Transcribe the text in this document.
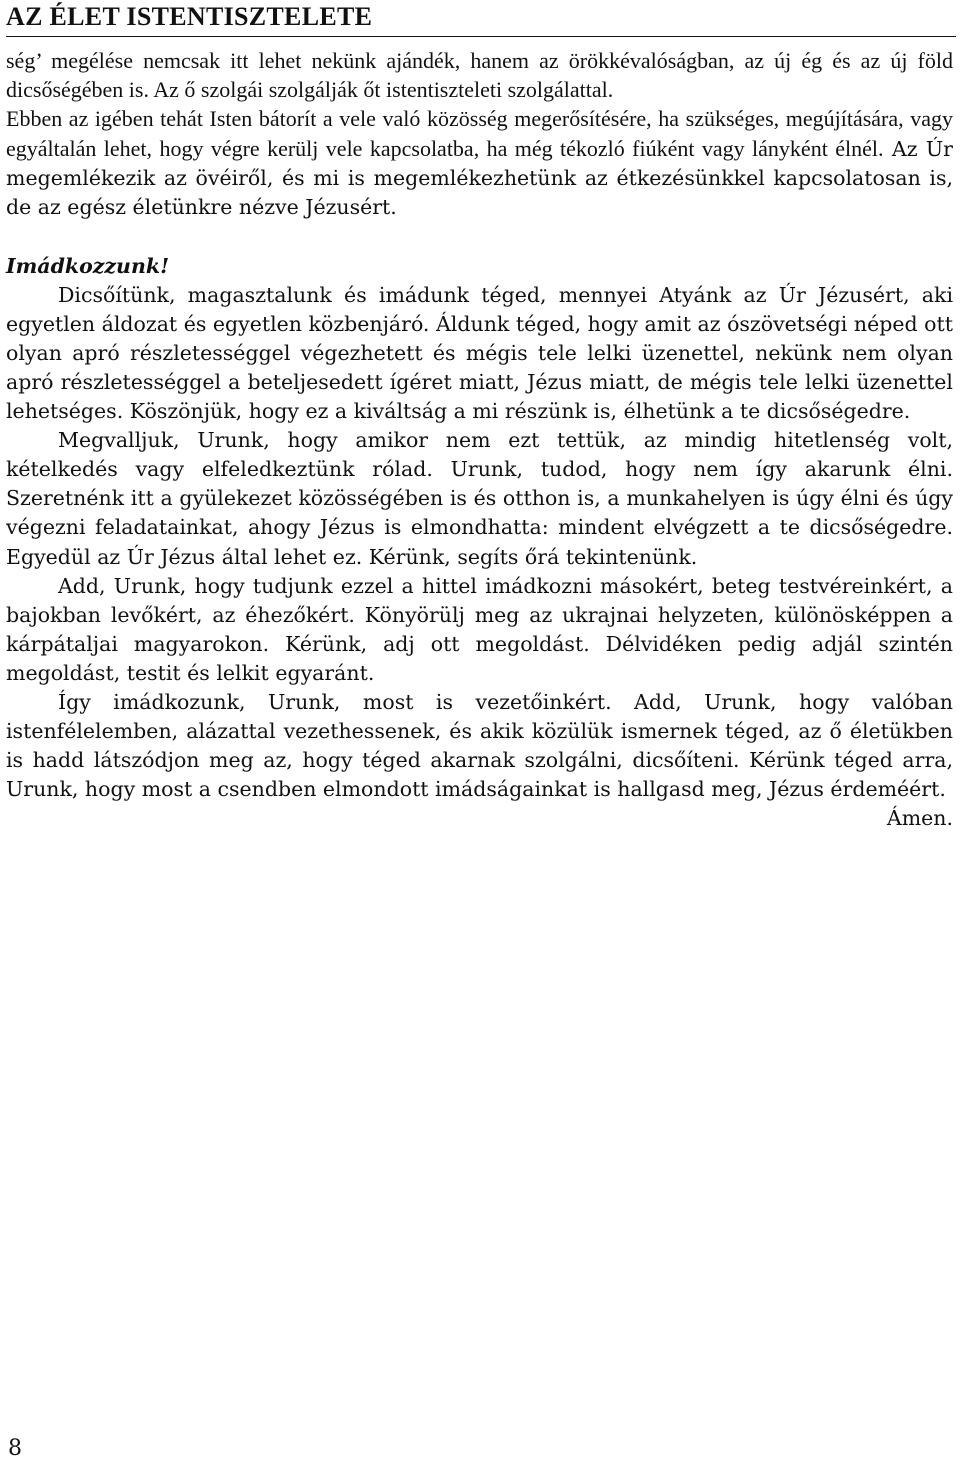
AZ ÉLET ISTENTISZTELETE

ség’ megélése nemcsak itt lehet nekünk ajándék, hanem az örökkévalóságban, az új ég és az új föld dicsőségében is. Az ő szolgái szolgálják őt istentiszteleti szolgálattal.

Ebben az igében tehát Isten bátorít a vele való közösség megerősítésére, ha szükséges, megújítására, vagy egyáltalán lehet, hogy végre kerülj vele kapcsolatba, ha még tékozló fiúként vagy lányként élnél.

Az Úr megemlékezik az övéiről, és mi is megemlékezhetünk az étkezésünkkel kapcsolatosan is, de az egész életünkre nézve Jézusért.

Imádkozzunk!

Dicsőítünk, magasztalunk és imádunk téged, mennyei Atyánk az Úr Jézusért, aki egyetlen áldozat és egyetlen közbenjáró. Áldunk téged, hogy amit az ószövetségi néped ott olyan apró részletességgel végezhetett és mégis tele lelki üzenettel, nekünk nem olyan apró részletességgel a beteljesedett ígéret miatt, Jézus miatt, de mégis tele lelki üzenettel lehetséges. Köszönjük, hogy ez a kiváltság a mi részünk is, élhetünk a te dicsőségedre.

Megvalljuk, Urunk, hogy amikor nem ezt tettük, az mindig hitetlenség volt, kételkedés vagy elfeledkeztünk rólad. Urunk, tudod, hogy nem így akarunk élni. Szeretnénk itt a gyülekezet közösségében is és otthon is, a munkahelyen is úgy élni és úgy végezni feladatainkat, ahogy Jézus is elmondhatta: mindent elvégzett a te dicsőségedre. Egyedül az Úr Jézus által lehet ez. Kérünk, segíts őrá tekintenünk.

Add, Urunk, hogy tudjunk ezzel a hittel imádkozni másokért, beteg testvéreinkért, a bajokban levőkért, az éhezőkért. Könyörülj meg az ukrajnai helyzeten, különösképpen a kárpátaljai magyarokon. Kérünk, adj ott megoldást. Délvidéken pedig adjál szintén megoldást, testit és lelkit egyaránt.

Így imádkozunk, Urunk, most is vezetőinkért. Add, Urunk, hogy valóban istenfélelemben, alázattal vezethessenek, és akik közülük ismernek téged, az ő életükben is hadd látszódjon meg az, hogy téged akarnak szolgálni, dicsőíteni. Kérünk téged arra, Urunk, hogy most a csendben elmondott imádságainkat is hallgasd meg, Jézus érdeméért.

Ámen.

8
